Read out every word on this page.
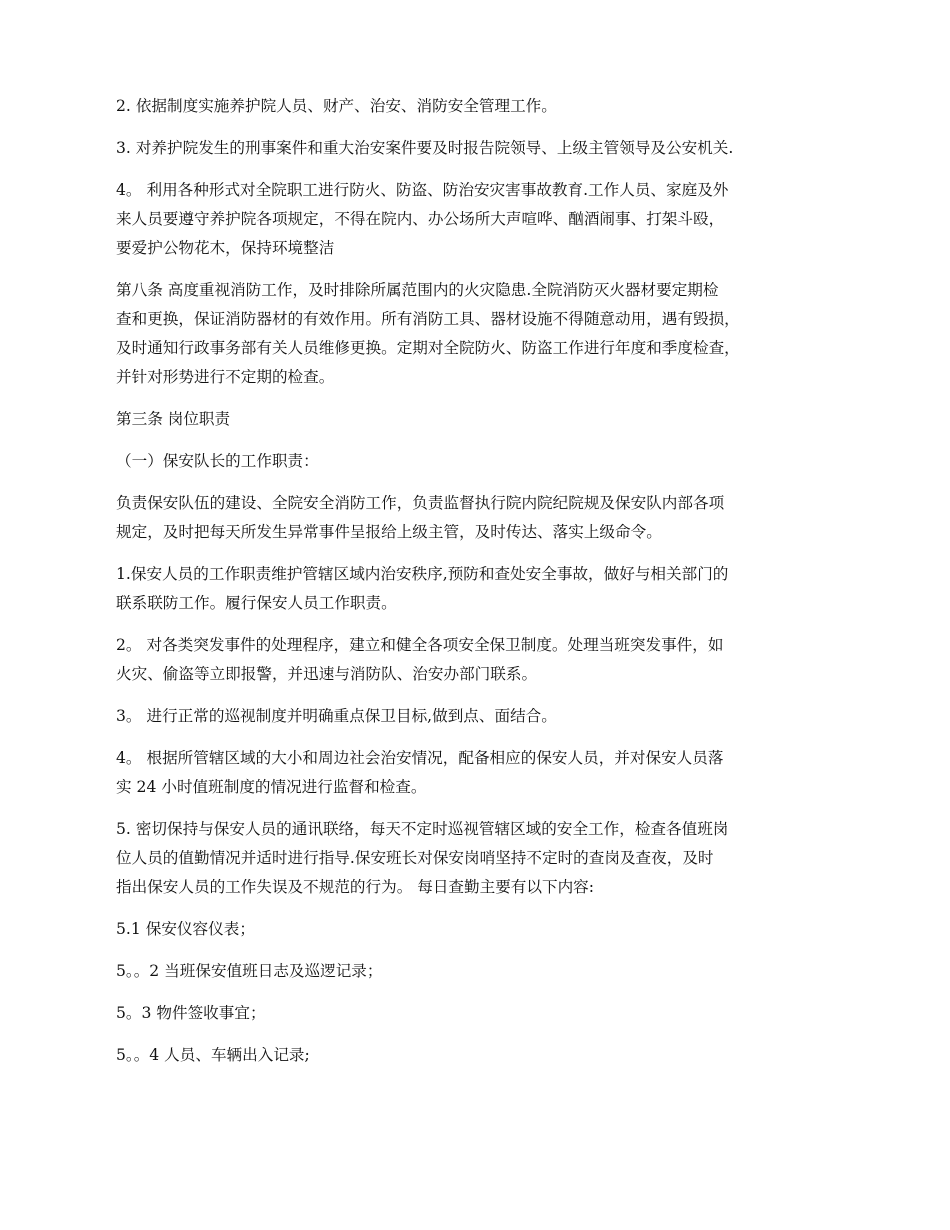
2. 依据制度实施养护院人员、财产、治安、消防安全管理工作。

3. 对养护院发生的刑事案件和重大治安案件要及时报告院领导、上级主管领导及公安机关.

4。 利用各种形式对全院职工进行防火、防盗、防治安灾害事故教育.工作人员、家庭及外
来人员要遵守养护院各项规定，不得在院内、办公场所大声喧哗、酗酒闹事、打架斗殴，
要爱护公物花木，保持环境整洁

第八条 高度重视消防工作，及时排除所属范围内的火灾隐患.全院消防灭火器材要定期检
查和更换，保证消防器材的有效作用。所有消防工具、器材设施不得随意动用，遇有毁损，
及时通知行政事务部有关人员维修更换。定期对全院防火、防盗工作进行年度和季度检查，
并针对形势进行不定期的检查。

第三条 岗位职责

（一）保安队长的工作职责：

负责保安队伍的建设、全院安全消防工作，负责监督执行院内院纪院规及保安队内部各项
规定，及时把每天所发生异常事件呈报给上级主管，及时传达、落实上级命令。

1.保安人员的工作职责维护管辖区域内治安秩序,预防和查处安全事故，做好与相关部门的
联系联防工作。履行保安人员工作职责。

2。 对各类突发事件的处理程序，建立和健全各项安全保卫制度。处理当班突发事件，如
火灾、偷盗等立即报警，并迅速与消防队、治安办部门联系。

3。 进行正常的巡视制度并明确重点保卫目标,做到点、面结合。

4。 根据所管辖区域的大小和周边社会治安情况，配备相应的保安人员，并对保安人员落
实 24 小时值班制度的情况进行监督和检查。

5. 密切保持与保安人员的通讯联络，每天不定时巡视管辖区域的安全工作，检查各值班岗
位人员的值勤情况并适时进行指导.保安班长对保安岗哨坚持不定时的查岗及查夜，及时
指出保安人员的工作失误及不规范的行为。 每日查勤主要有以下内容:

5.1 保安仪容仪表；

5。。2 当班保安值班日志及巡逻记录；

5。3 物件签收事宜；

5。。4 人员、车辆出入记录;
